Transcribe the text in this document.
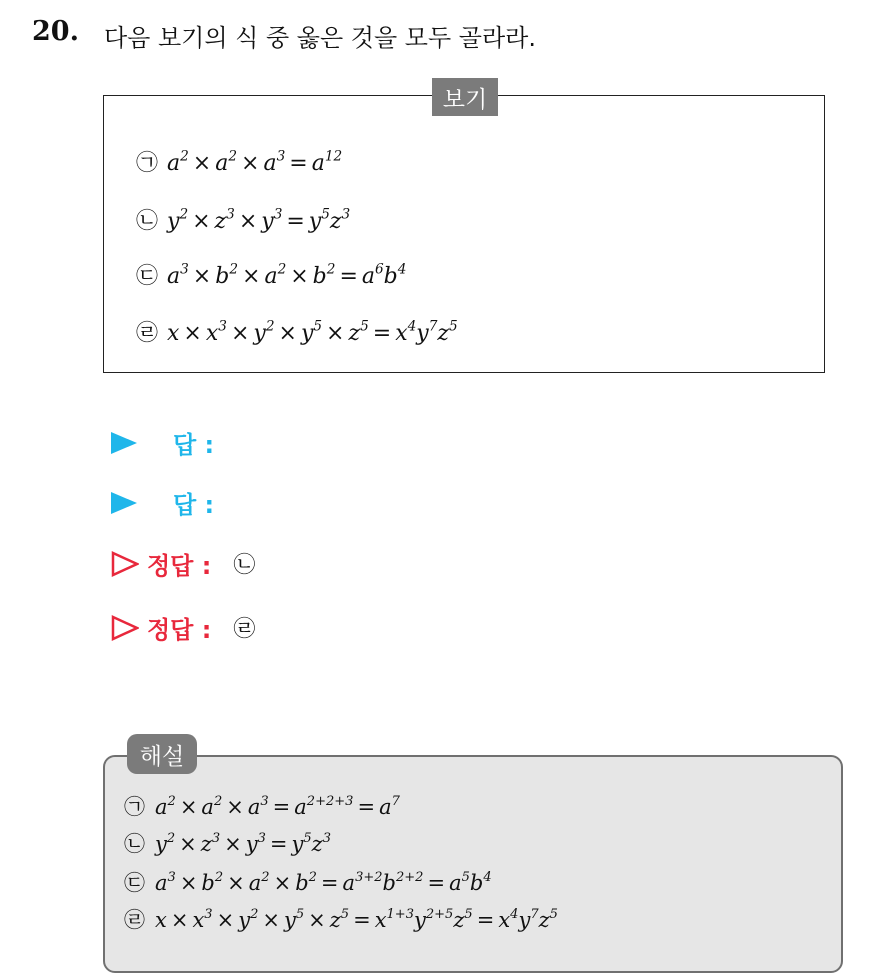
20. 다음 보기의 식 중 옳은 것을 모두 골라라.
보기
㉠ $a^2 \times a^2 \times a^3 = a^{12}$
㉡ $y^2 \times z^3 \times y^3 = y^5z^3$
㉢ $a^3 \times b^2 \times a^2 \times b^2 = a^6b^4$
㉣ $x \times x^3 \times y^2 \times y^5 \times z^5 = x^4y^7z^5$
답 :
답 :
정답 : ㉡
정답 : ㉣
해설
㉠ $a^2 \times a^2 \times a^3 = a^{2+2+3} = a^7$
㉡ $y^2 \times z^3 \times y^3 = y^5z^3$
㉢ $a^3 \times b^2 \times a^2 \times b^2 = a^{3+2}b^{2+2} = a^5b^4$
㉣ $x \times x^3 \times y^2 \times y^5 \times z^5 = x^{1+3}y^{2+5}z^5 = x^4y^7z^5$
